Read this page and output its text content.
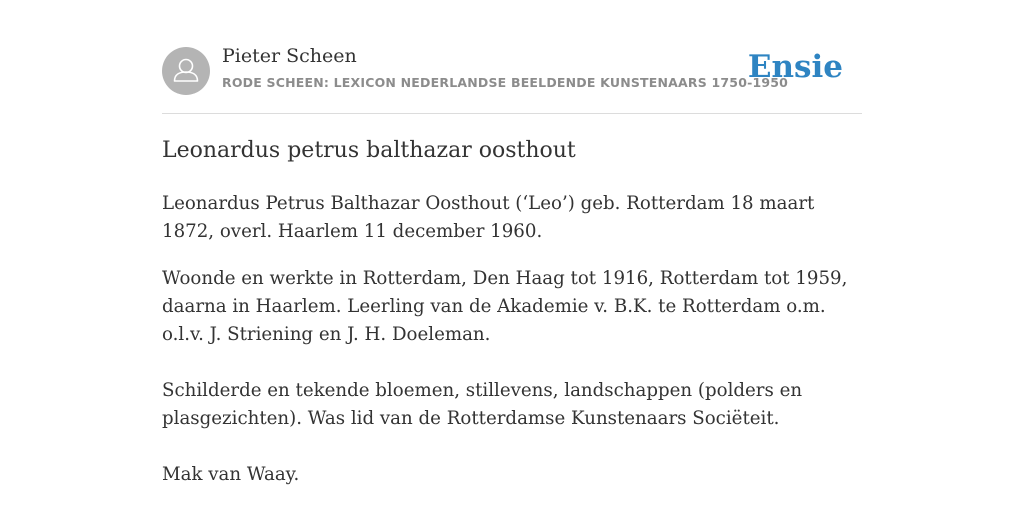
Pieter Scheen
RODE SCHEEN: LEXICON NEDERLANDSE BEELDENDE KUNSTENAARS 1750-1950
Ensie
Leonardus petrus balthazar oosthout

Leonardus Petrus Balthazar Oosthout (‘Leo’) geb. Rotterdam 18 maart 1872, overl. Haarlem 11 december 1960.

Woonde en werkte in Rotterdam, Den Haag tot 1916, Rotterdam tot 1959, daarna in Haarlem. Leerling van de Akademie v. B.K. te Rotterdam o.m. o.l.v. J. Striening en J. H. Doeleman.

Schilderde en tekende bloemen, stillevens, landschappen (polders en plasgezichten). Was lid van de Rotterdamse Kunstenaars Sociëteit.

Mak van Waay.
